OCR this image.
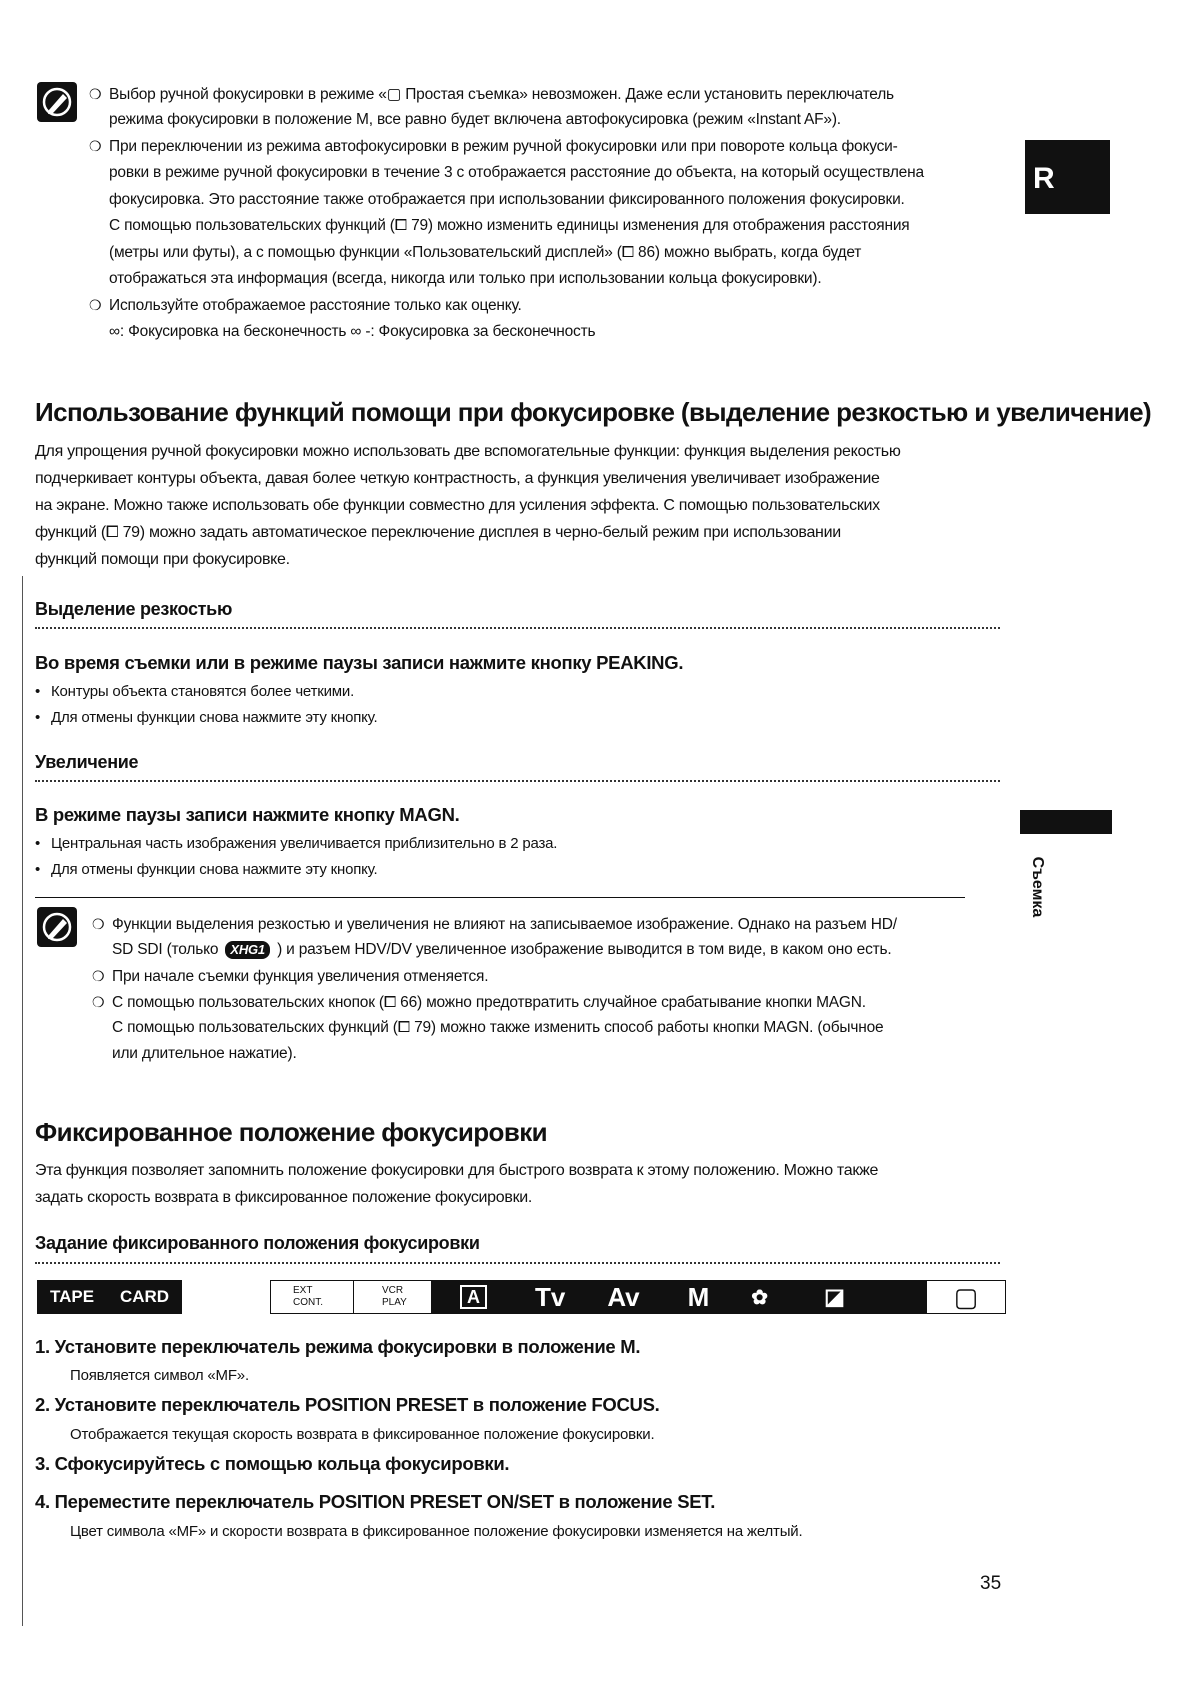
R
Съемка
❍ Выбор ручной фокусировки в режиме «▢ Простая съемка» невозможен. Даже если установить переключатель
режима фокусировки в положение М, все равно будет включена автофокусировка (режим «Instant AF»).
❍ При переключении из режима автофокусировки в режим ручной фокусировки или при повороте кольца фокуси-
ровки в режиме ручной фокусировки в течение 3 с отображается расстояние до объекта, на который осуществлена
фокусировка. Это расстояние также отображается при использовании фиксированного положения фокусировки.
С помощью пользовательских функций (⧠ 79) можно изменить единицы изменения для отображения расстояния
(метры или футы), а с помощью функции «Пользовательский дисплей» (⧠ 86) можно выбрать, когда будет
отображаться эта информация (всегда, никогда или только при использовании кольца фокусировки).
❍ Используйте отображаемое расстояние только как оценку.
∞: Фокусировка на бесконечность ∞ -: Фокусировка за бесконечность
Использование функций помощи при фокусировке (выделение резкостью и увеличение)
Для упрощения ручной фокусировки можно использовать две вспомогательные функции: функция выделения рекостью
подчеркивает контуры объекта, давая более четкую контрастность, а функция увеличения увеличивает изображение
на экране. Можно также использовать обе функции совместно для усиления эффекта. С помощью пользовательских
функций (⧠ 79) можно задать автоматическое переключение дисплея в черно-белый режим при использовании
функций помощи при фокусировке.
Выделение резкостью
Во время съемки или в режиме паузы записи нажмите кнопку PEAKING.
• Контуры объекта становятся более четкими.
• Для отмены функции снова нажмите эту кнопку.
Увеличение
В режиме паузы записи нажмите кнопку MAGN.
• Центральная часть изображения увеличивается приблизительно в 2 раза.
• Для отмены функции снова нажмите эту кнопку.
❍ Функции выделения резкостью и увеличения не влияют на записываемое изображение. Однако на разъем HD/
SD SDI (только XHG1 ) и разъем HDV/DV увеличенное изображение выводится в том виде, в каком оно есть.
❍ При начале съемки функция увеличения отменяется.
❍ С помощью пользовательских кнопок (⧠ 66) можно предотвратить случайное срабатывание кнопки MAGN.
С помощью пользовательских функций (⧠ 79) можно также изменить способ работы кнопки MAGN. (обычное
или длительное нажатие).
Фиксированное положение фокусировки
Эта функция позволяет запомнить положение фокусировки для быстрого возврата к этому положению. Можно также
задать скорость возврата в фиксированное положение фокусировки.
Задание фиксированного положения фокусировки
TAPE CARD	EXT
CONT.
VCR
PLAY	A Tv Av M ✿	◪	▢
1. Установите переключатель режима фокусировки в положение M.
Появляется символ «MF».
2. Установите переключатель POSITION PRESET в положение FOCUS.
Отображается текущая скорость возврата в фиксированное положение фокусировки.
3. Сфокусируйтесь с помощью кольца фокусировки.
4. Переместите переключатель POSITION PRESET ON/SET в положение SET.
Цвет символа «MF» и скорости возврата в фиксированное положение фокусировки изменяется на желтый.
35
